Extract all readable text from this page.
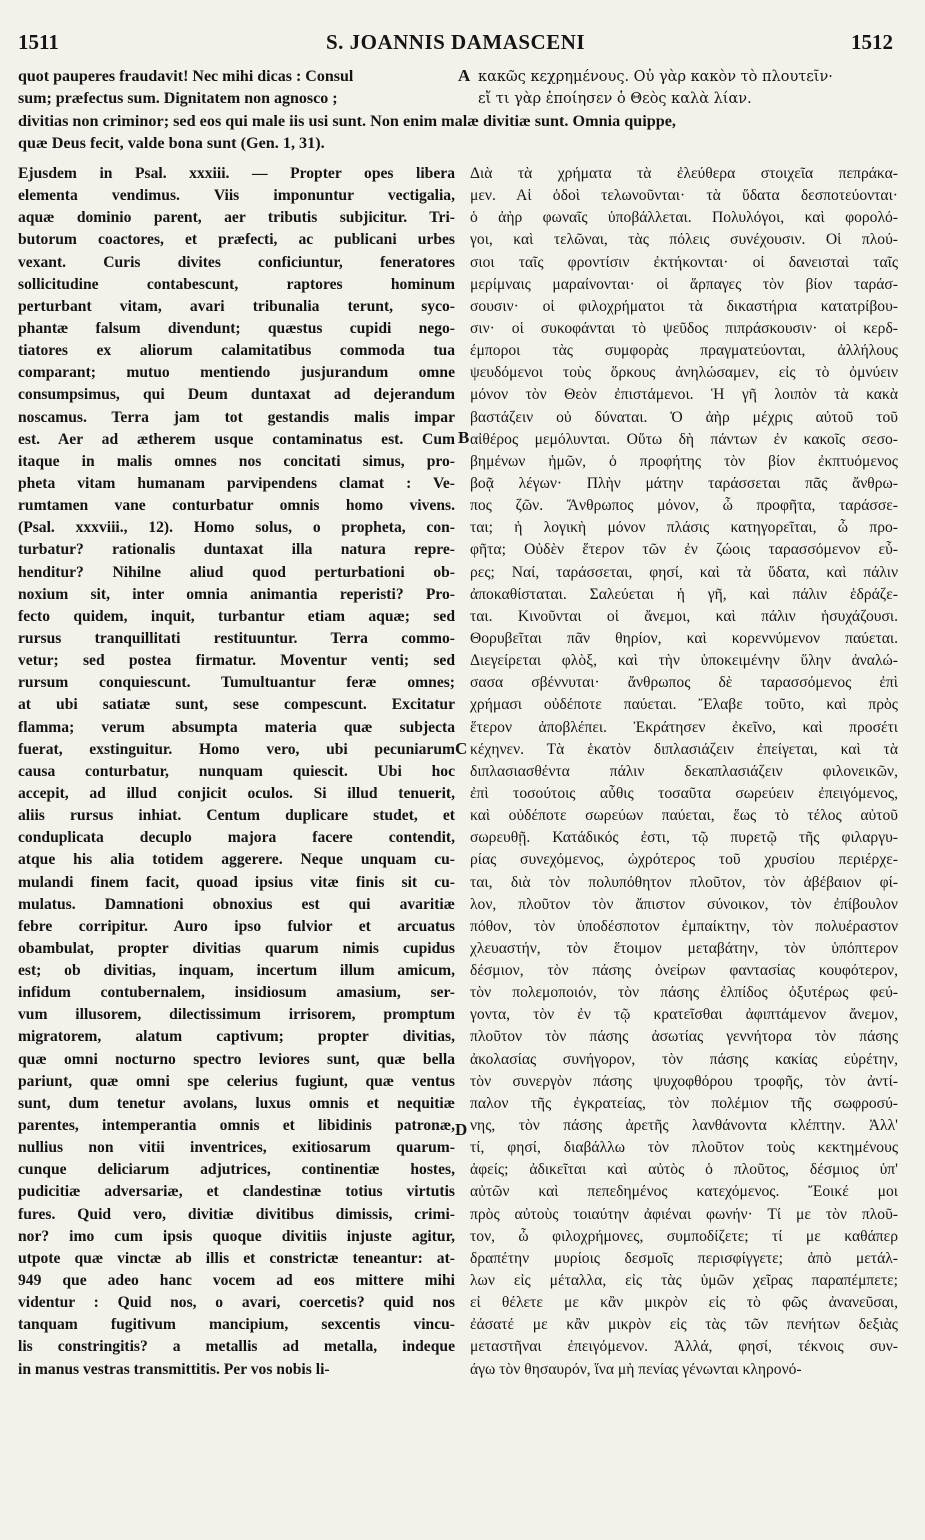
1511	S. JOANNIS DAMASCENI	1512
quot pauperes fraudavit! Nec mihi dicas : Consul	A κακῶς κεχρημένους. Οὐ γὰρ κακὸν τὸ πλουτεῖν·
sum; præfectus sum. Dignitatem non agnosco ;	εἴ τι γὰρ ἐποίησεν ὁ Θεὸς καλὰ λίαν.
divitias non criminor; sed eos qui male iis usi sunt. Non enim malæ divitiæ sunt. Omnia quippe,
quæ Deus fecit, valde bona sunt (Gen. 1, 31).
Ejusdem in Psal. xxxiii. — Propter opes libera
elementa vendimus. Viis imponuntur vectigalia,
aquæ dominio parent, aer tributis subjicitur. Tri-
butorum coactores, et præfecti, ac publicani urbes
vexant. Curis divites conficiuntur, feneratores
sollicitudine contabescunt, raptores hominum
perturbant vitam, avari tribunalia terunt, syco-
phantæ falsum divendunt; quæstus cupidi nego-
tiatores ex aliorum calamitatibus commoda tua
comparant; mutuo mentiendo jusjurandum omne
consumpsimus, qui Deum duntaxat ad dejerandum
noscamus. Terra jam tot gestandis malis impar
est. Aer ad ætherem usque contaminatus est. Cum
itaque in malis omnes nos concitati simus, pro-
pheta vitam humanam parvipendens clamat : Ve-
rumtamen vane conturbatur omnis homo vivens.
(Psal. xxxviii., 12). Homo solus, o propheta, con-
turbatur? rationalis duntaxat illa natura repre-
henditur? Nihilne aliud quod perturbationi ob-
noxium sit, inter omnia animantia reperisti? Pro-
fecto quidem, inquit, turbantur etiam aquæ; sed
rursus tranquillitati restituuntur. Terra commo-
vetur; sed postea firmatur. Moventur venti; sed
rursum conquiescunt. Tumultuantur feræ omnes;
at ubi satiatæ sunt, sese compescunt. Excitatur
flamma; verum absumpta materia quæ subjecta
fuerat, exstinguitur. Homo vero, ubi pecuniarum
causa conturbatur, nunquam quiescit. Ubi hoc
accepit, ad illud conjicit oculos. Si illud tenuerit,
aliis rursus inhiat. Centum duplicare studet, et
conduplicata decuplo majora facere contendit,
atque his alia totidem aggerere. Neque unquam cu-
mulandi finem facit, quoad ipsius vitæ finis sit cu-
mulatus. Damnationi obnoxius est qui avaritiæ
febre corripitur. Auro ipso fulvior et arcuatus
obambulat, propter divitias quarum nimis cupidus
est; ob divitias, inquam, incertum illum amicum,
infidum contubernalem, insidiosum amasium, ser-
vum illusorem, dilectissimum irrisorem, promptum
migratorem, alatum captivum; propter divitias,
quæ omni nocturno spectro leviores sunt, quæ bella
pariunt, quæ omni spe celerius fugiunt, quæ ventus
sunt, dum tenetur avolans, luxus omnis et nequitiæ
parentes, intemperantia omnis et libidinis patronæ,
nullius non vitii inventrices, exitiosarum quarum-
cunque deliciarum adjutrices, continentiæ hostes,
pudicitiæ adversariæ, et clandestinæ totius virtutis
fures. Quid vero, divitiæ divitibus dimissis, crimi-
nor? imo cum ipsis quoque divitiis injuste agitur,
utpote quæ vinctæ ab illis et constrictæ teneantur: at-
949 que adeo hanc vocem ad eos mittere mihi
videntur : Quid nos, o avari, coercetis? quid nos
tanquam fugitivum mancipium, sexcentis vincu-
lis constringitis? a metallis ad metalla, indeque
in manus vestras transmittitis. Per vos nobis li-
Διὰ τὰ χρήματα τὰ ἐλεύθερα στοιχεῖα πεπράκα-
μεν. Αἱ ὁδοὶ τελωνοῦνται· τὰ ὕδατα δεσποτεύονται·
ὁ ἀὴρ φωναῖς ὑποβάλλεται. Πολυλόγοι, καὶ φορολό-
γοι, καὶ τελῶναι, τὰς πόλεις συνέχουσιν. Οἱ πλού-
σιοι ταῖς φροντίσιν ἐκτήκονται· οἱ δανεισταὶ ταῖς
μερίμναις μαραίνονται· οἱ ἅρπαγες τὸν βίον ταράσ-
σουσιν· οἱ φιλοχρήματοι τὰ δικαστήρια κατατρίβου-
σιν· οἱ συκοφάνται τὸ ψεῦδος πιπράσκουσιν· οἱ κερδ-
έμποροι τὰς συμφορὰς πραγματεύονται, ἀλλήλους
ψευδόμενοι τοὺς ὅρκους ἀνηλώσαμεν, εἰς τὸ ὀμνύειν
μόνον τὸν Θεὸν ἐπιστάμενοι. Ἡ γῆ λοιπὸν τὰ κακὰ
βαστάζειν οὐ δύναται. Ὁ ἀὴρ μέχρις αὐτοῦ τοῦ
αἰθέρος μεμόλυνται. Οὕτω δὴ πάντων ἐν κακοῖς σεσο-
βημένων ἡμῶν, ὁ προφήτης τὸν βίον ἐκπτυόμενος
βοᾷ λέγων· Πλὴν μάτην ταράσσεται πᾶς ἄνθρω-
πος ζῶν. Ἄνθρωπος μόνον, ὦ προφῆτα, ταράσσε-
ται; ἡ λογικὴ μόνον πλάσις κατηγορεῖται, ὦ προ-
φῆτα; Οὐδὲν ἕτερον τῶν ἐν ζώοις ταρασσόμενον εὗ-
ρες; Ναί, ταράσσεται, φησί, καὶ τὰ ὕδατα, καὶ πάλιν
ἀποκαθίσταται. Σαλεύεται ἡ γῆ, καὶ πάλιν ἑδράζε-
ται. Κινοῦνται οἱ ἄνεμοι, καὶ πάλιν ἡσυχάζουσι.
Θορυβεῖται πᾶν θηρίον, καὶ κορεννύμενον παύεται.
Διεγείρεται φλὸξ, καὶ τὴν ὑποκειμένην ὕλην ἀναλώ-
σασα σβέννυται· ἄνθρωπος δὲ ταρασσόμενος ἐπὶ
χρήμασι οὐδέποτε παύεται. Ἔλαβε τοῦτο, καὶ πρὸς
ἕτερον ἀποβλέπει. Ἐκράτησεν ἐκεῖνο, καὶ προσέτι
κέχηνεν. Τὰ ἑκατὸν διπλασιάζειν ἐπείγεται, καὶ τὰ
διπλασιασθέντα πάλιν δεκαπλασιάζειν φιλονεικῶν,
ἐπὶ τοσούτοις αὖθις τοσαῦτα σωρεύειν ἐπειγόμενος,
καὶ οὐδέποτε σωρεύων παύεται, ἕως τὸ τέλος αὐτοῦ
σωρευθῇ. Κατάδικός ἐστι, τῷ πυρετῷ τῆς φιλαργυ-
ρίας συνεχόμενος, ὠχρότερος τοῦ χρυσίου περιέρχε-
ται, διὰ τὸν πολυπόθητον πλοῦτον, τὸν ἀβέβαιον φί-
λον, πλοῦτον τὸν ἄπιστον σύνοικον, τὸν ἐπίβουλον
πόθον, τὸν ὑποδέσποτον ἐμπαίκτην, τὸν πολυέραστον
χλευαστήν, τὸν ἕτοιμον μεταβάτην, τὸν ὑπόπτερον
δέσμιον, τὸν πάσης ὀνείρων φαντασίας κουφότερον,
τὸν πολεμοποιόν, τὸν πάσης ἐλπίδος ὀξυτέρως φεύ-
γοντα, τὸν ἐν τῷ κρατεῖσθαι ἀφιπτάμενον ἄνεμον,
πλοῦτον τὸν πάσης ἀσωτίας γεννήτορα τὸν πάσης
ἀκολασίας συνήγορον, τὸν πάσης κακίας εὑρέτην,
τὸν συνεργὸν πάσης ψυχοφθόρου τροφῆς, τὸν ἀντί-
παλον τῆς ἐγκρατείας, τὸν πολέμιον τῆς σωφροσύ-
νης, τὸν πάσης ἀρετῆς λανθάνοντα κλέπτην. Ἀλλ'
τί, φησί, διαβάλλω τὸν πλοῦτον τοὺς κεκτημένους
ἀφείς; ἀδικεῖται καὶ αὐτὸς ὁ πλοῦτος, δέσμιος ὑπ'
αὐτῶν καὶ πεπεδημένος κατεχόμενος. Ἔοικέ μοι
πρὸς αὐτοὺς τοιαύτην ἀφιέναι φωνήν· Τί με τὸν πλοῦ-
τον, ὦ φιλοχρήμονες, συμποδίζετε; τί με καθάπερ
δραπέτην μυρίοις δεσμοῖς περισφίγγετε; ἀπὸ μετάλ-
λων εἰς μέταλλα, εἰς τὰς ὑμῶν χεῖρας παραπέμπετε;
εἰ θέλετε με κἂν μικρὸν εἰς τὸ φῶς ἀνανεῦσαι,
ἐάσατέ με κἂν μικρὸν εἰς τὰς τῶν πενήτων δεξιὰς
μεταστῆναι ἐπειγόμενον. Ἀλλά, φησί, τέκνοις συν-
άγω τὸν θησαυρόν, ἵνα μὴ πενίας γένωνται κληρονό-
B
C
D
